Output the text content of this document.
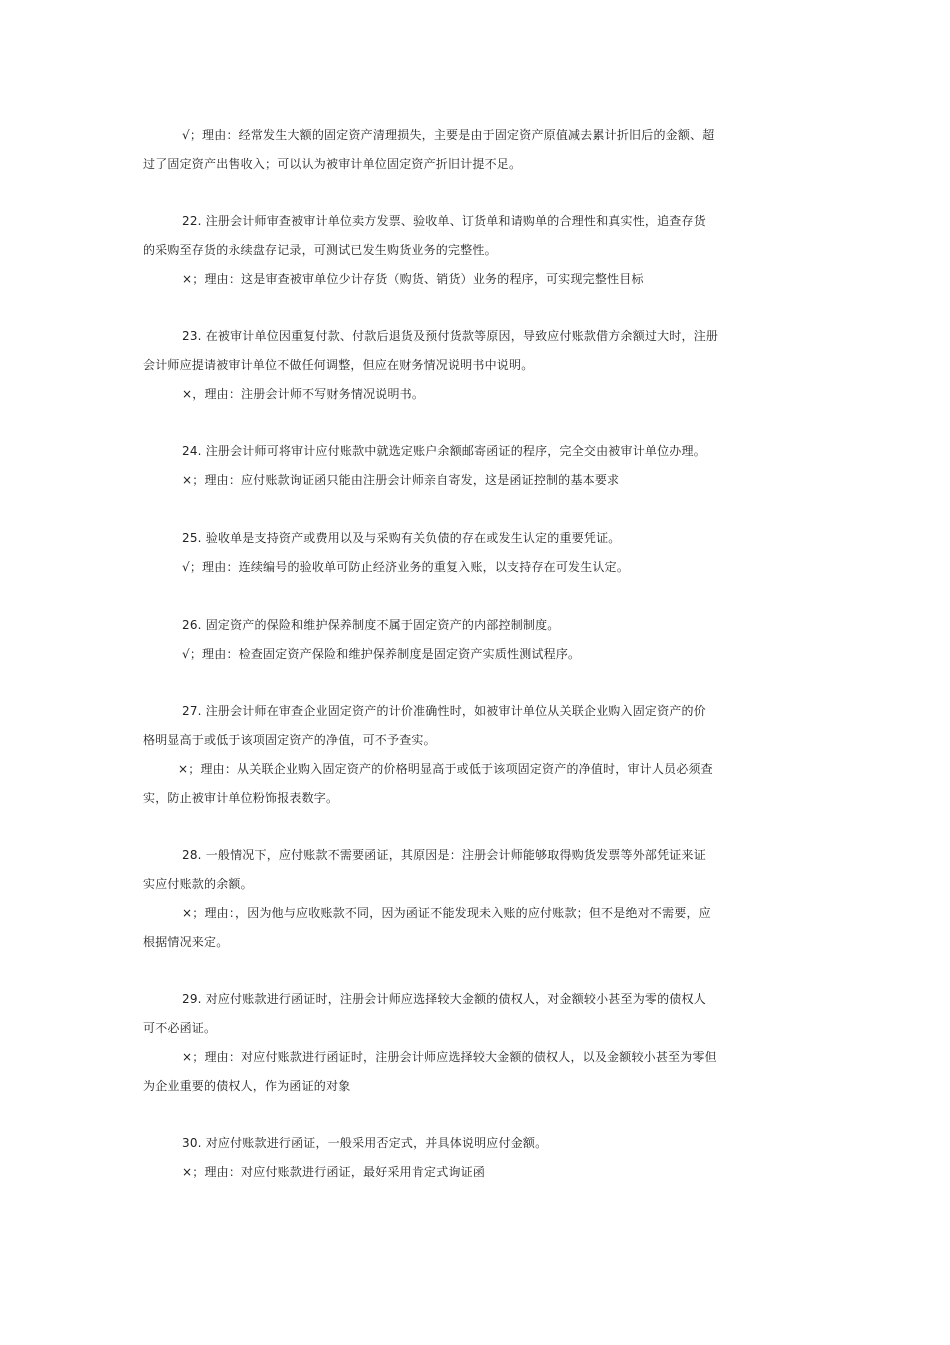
√；理由：经常发生大额的固定资产清理损失，主要是由于固定资产原值减去累计折旧后的金额、超
过了固定资产出售收入；可以认为被审计单位固定资产折旧计提不足。
22. 注册会计师审查被审计单位卖方发票、验收单、订货单和请购单的合理性和真实性，追查存货
的采购至存货的永续盘存记录，可测试已发生购货业务的完整性。
×；理由：这是审查被审单位少计存货（购货、销货）业务的程序，可实现完整性目标
23. 在被审计单位因重复付款、付款后退货及预付货款等原因，导致应付账款借方余额过大时，注册
会计师应提请被审计单位不做任何调整，但应在财务情况说明书中说明。
×，理由：注册会计师不写财务情况说明书。
24. 注册会计师可将审计应付账款中就选定账户余额邮寄函证的程序，完全交由被审计单位办理。
×；理由：应付账款询证函只能由注册会计师亲自寄发，这是函证控制的基本要求
25. 验收单是支持资产或费用以及与采购有关负债的存在或发生认定的重要凭证。
√；理由：连续编号的验收单可防止经济业务的重复入账，以支持存在可发生认定。
26. 固定资产的保险和维护保养制度不属于固定资产的内部控制制度。
√；理由：检查固定资产保险和维护保养制度是固定资产实质性测试程序。
27. 注册会计师在审查企业固定资产的计价准确性时，如被审计单位从关联企业购入固定资产的价
格明显高于或低于该项固定资产的净值，可不予查实。
×；理由：从关联企业购入固定资产的价格明显高于或低于该项固定资产的净值时，审计人员必须查
实，防止被审计单位粉饰报表数字。
28. 一般情况下，应付账款不需要函证，其原因是：注册会计师能够取得购货发票等外部凭证来证
实应付账款的余额。
×；理由：，因为他与应收账款不同，因为函证不能发现未入账的应付账款；但不是绝对不需要，应
根据情况来定。
29. 对应付账款进行函证时，注册会计师应选择较大金额的债权人，对金额较小甚至为零的债权人
可不必函证。
×；理由：对应付账款进行函证时，注册会计师应选择较大金额的债权人，以及金额较小甚至为零但
为企业重要的债权人，作为函证的对象
30. 对应付账款进行函证，一般采用否定式，并具体说明应付金额。
×；理由：对应付账款进行函证，最好采用肯定式询证函
